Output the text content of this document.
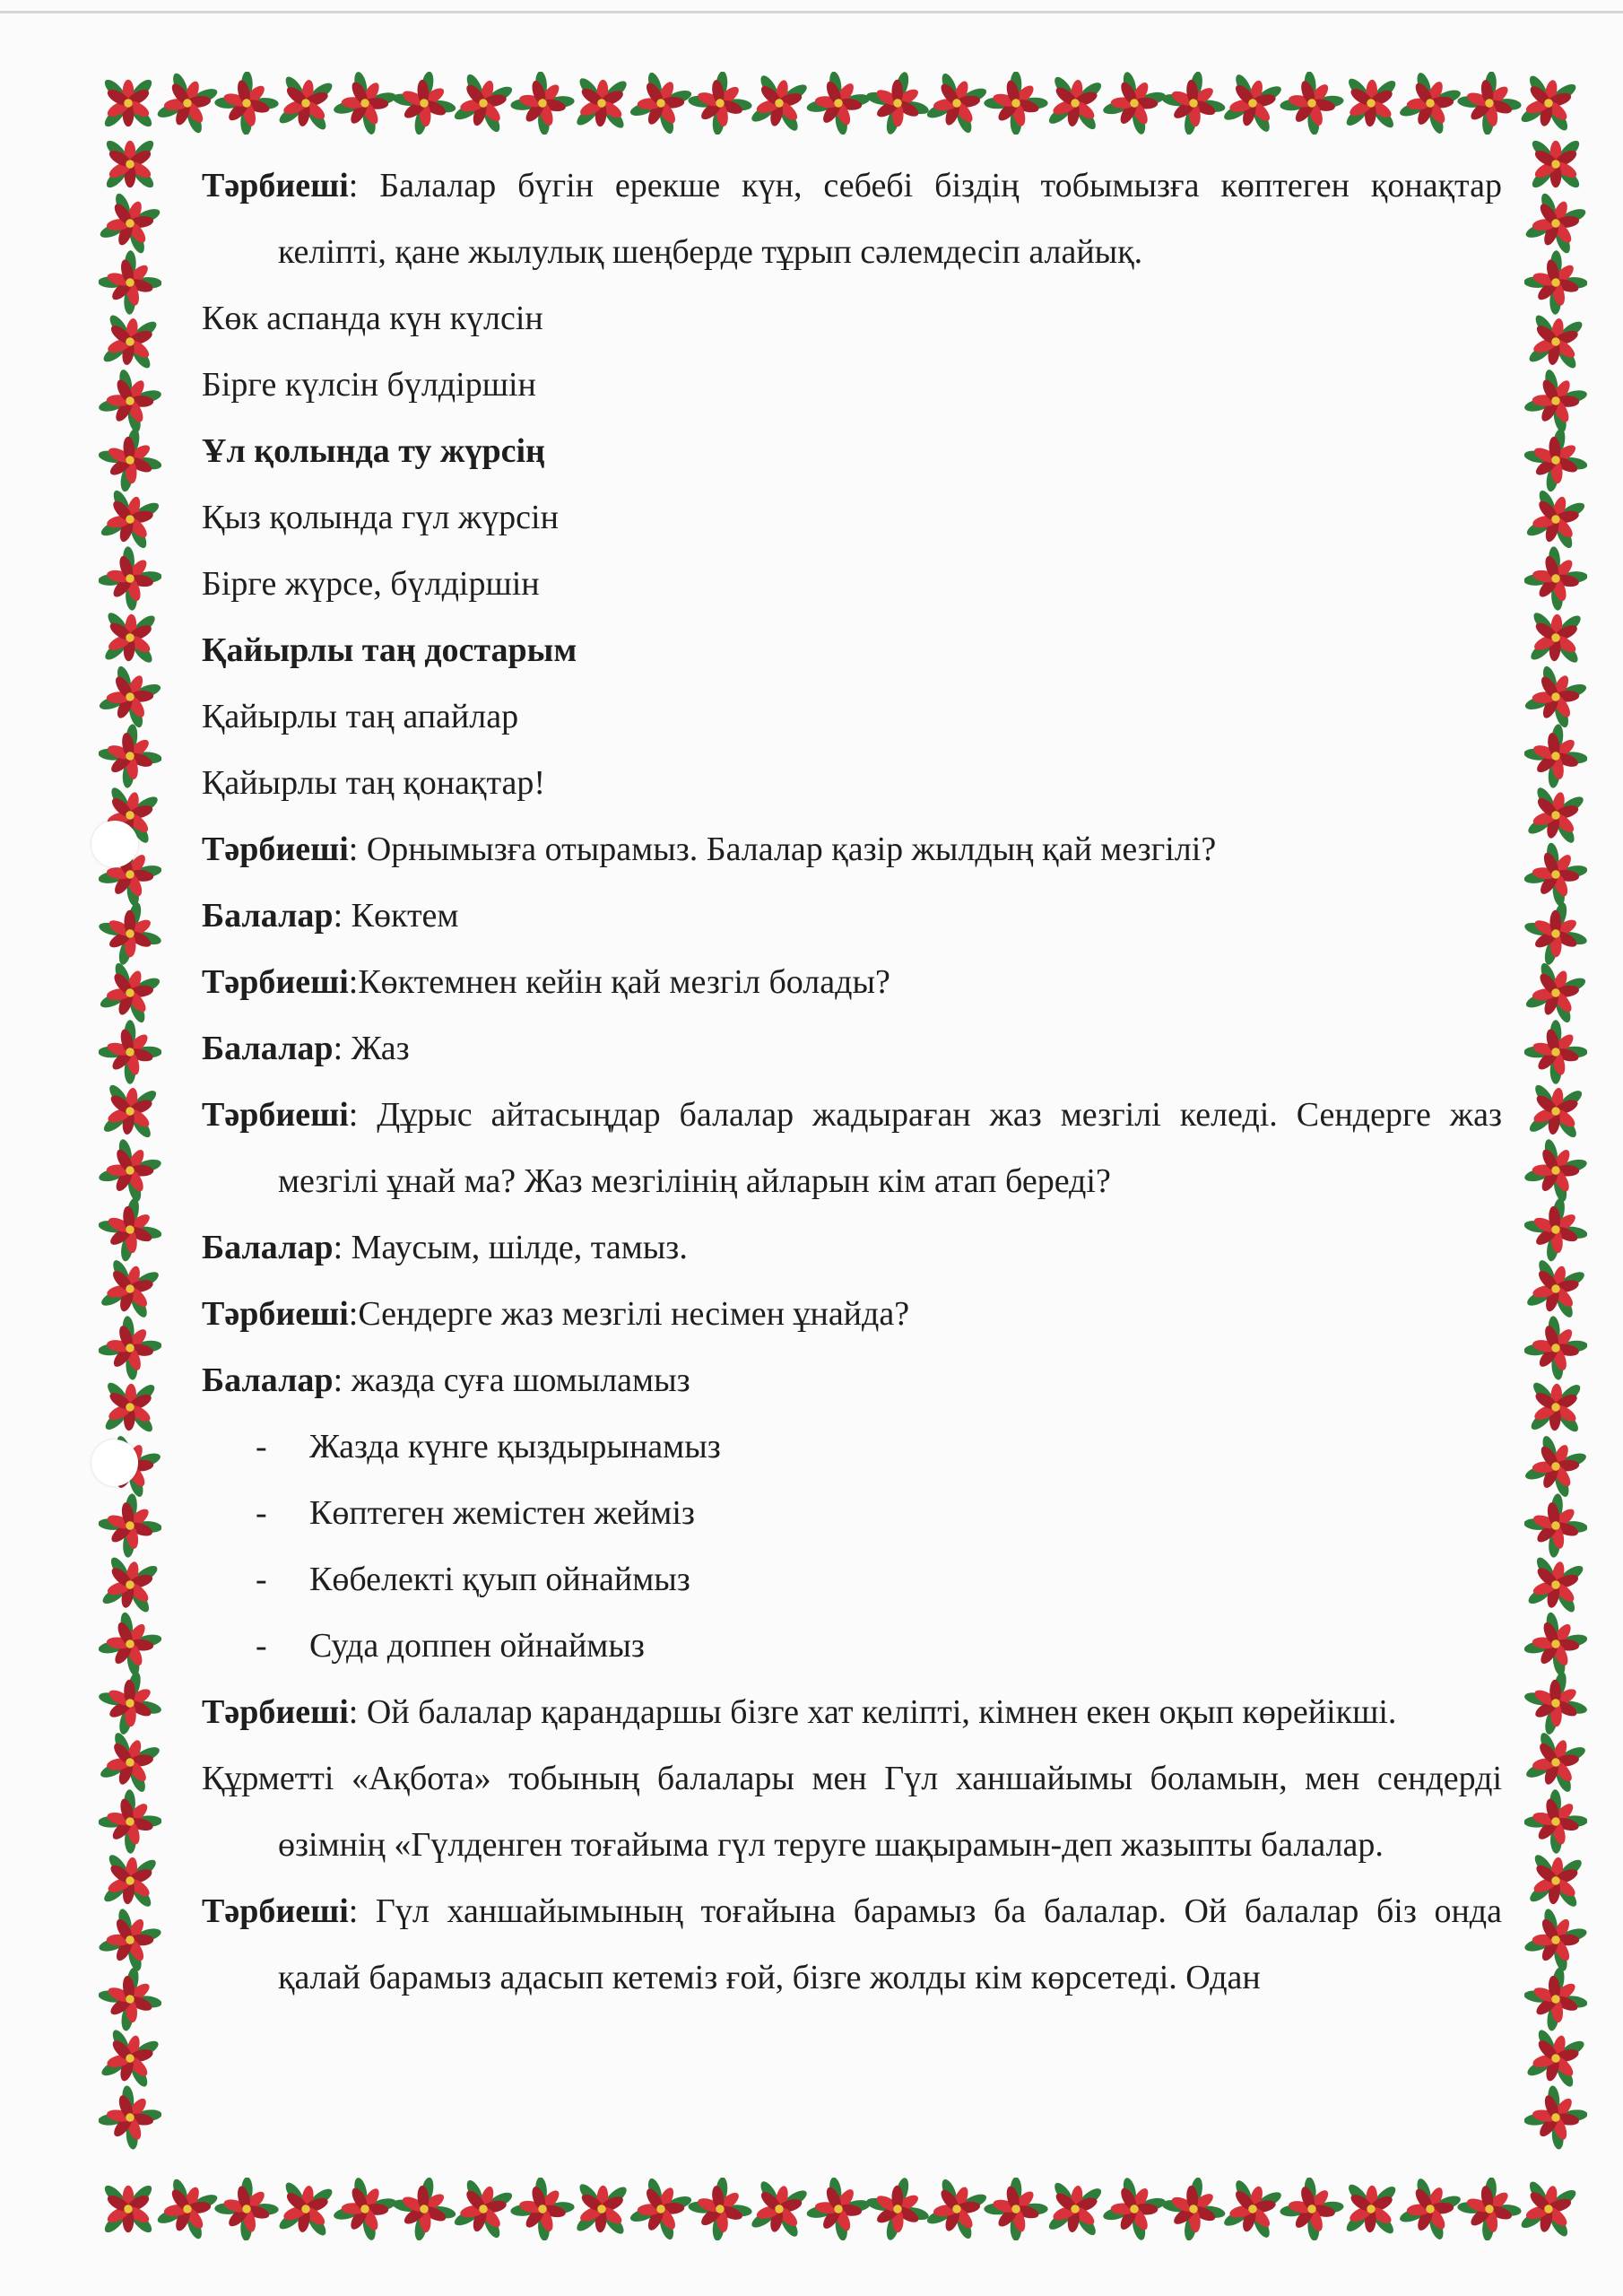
Тәрбиеші: Балалар бүгін ерекше күн, себебі біздің тобымызға көптеген қонақтар келіпті, қане жылулық шеңберде тұрып сәлемдесіп алайық.

Көк аспанда күн күлсін

Бірге күлсін бүлдіршін

Ұл қолында ту жүрсің

Қыз қолында гүл жүрсін

Бірге жүрсе, бүлдіршін

Қайырлы таң достарым

Қайырлы таң апайлар

Қайырлы таң қонақтар!

Тәрбиеші: Орнымызға отырамыз. Балалар қазір жылдың қай мезгілі?

Балалар: Көктем

Тәрбиеші:Көктемнен кейін қай мезгіл болады?

Балалар: Жаз

Тәрбиеші: Дұрыс айтасыңдар балалар жадыраған жаз мезгілі келеді. Сендерге жаз мезгілі ұнай ма? Жаз мезгілінің айларын кім атап береді?

Балалар: Маусым, шілде, тамыз.

Тәрбиеші:Сендерге жаз мезгілі несімен ұнайда?

Балалар: жазда суға шомыламыз

-	Жазда күнге қыздырынамыз

-	Көптеген жемістен жейміз

-	Көбелекті қуып ойнаймыз

-	Суда доппен ойнаймыз

Тәрбиеші: Ой балалар қарандаршы бізге хат келіпті, кімнен екен оқып көрейікші.

Құрметті «Ақбота» тобының балалары мен Гүл ханшайымы боламын, мен сендерді өзімнің «Гүлденген тоғайыма гүл теруге шақырамын-деп жазыпты балалар.

Тәрбиеші: Гүл ханшайымының тоғайына барамыз ба балалар. Ой балалар біз онда қалай барамыз адасып кетеміз ғой, бізге жолды кім көрсетеді. Одан
